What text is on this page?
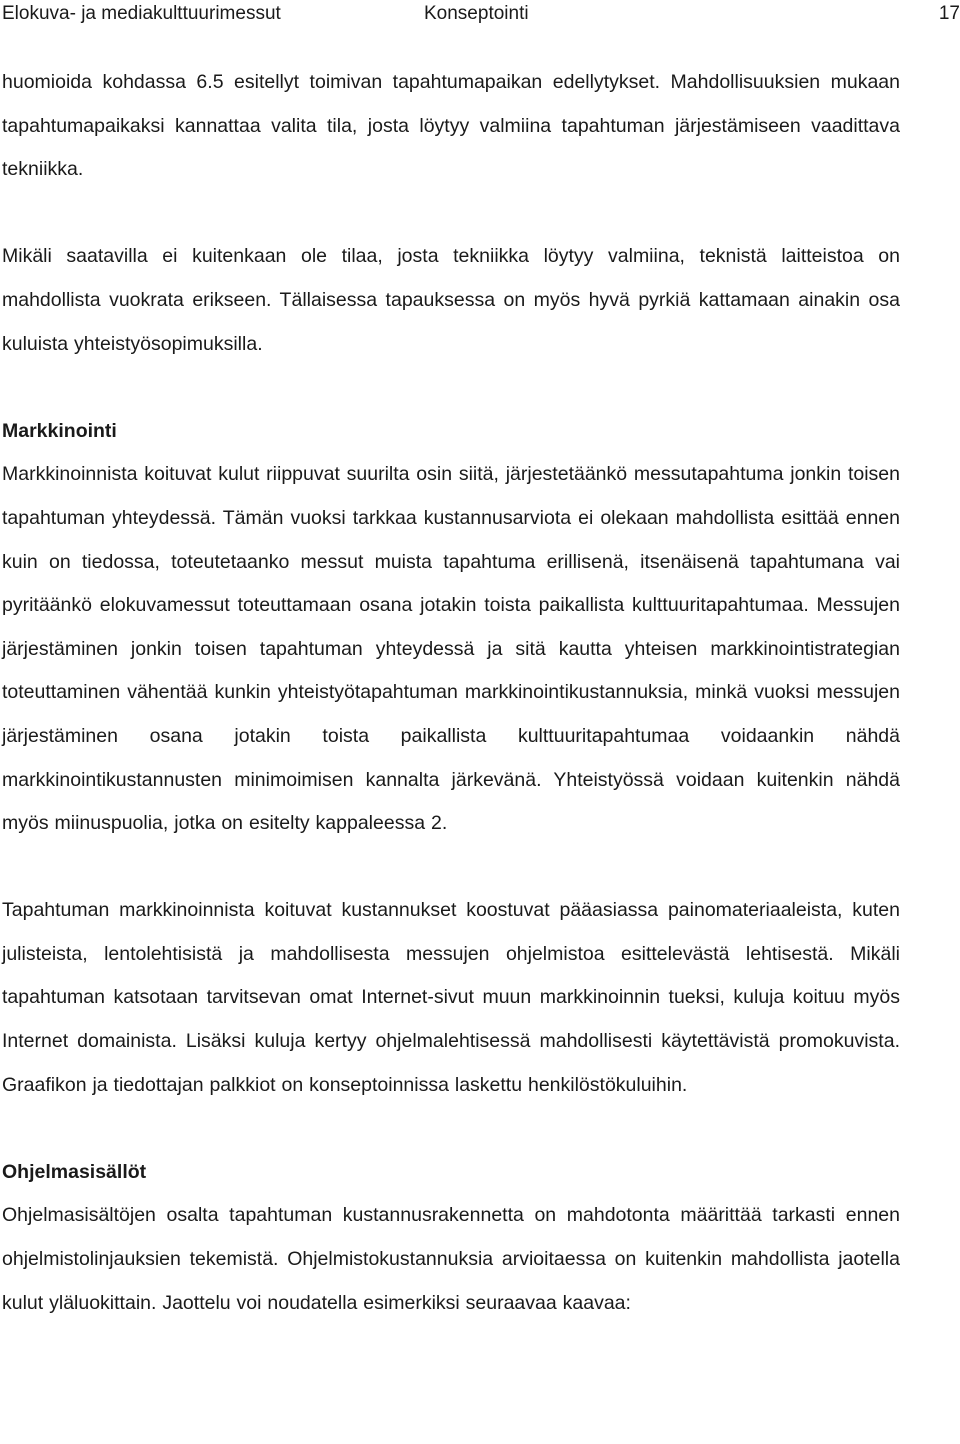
Elokuva- ja mediakulttuurimessut	Konseptointi	17

huomioida kohdassa 6.5 esitellyt toimivan tapahtumapaikan edellytykset. Mahdollisuuksien mukaan tapahtumapaikaksi kannattaa valita tila, josta löytyy valmiina tapahtuman järjestämiseen vaadittava tekniikka.

Mikäli saatavilla ei kuitenkaan ole tilaa, josta tekniikka löytyy valmiina, teknistä laitteistoa on mahdollista vuokrata erikseen. Tällaisessa tapauksessa on myös hyvä pyrkiä kattamaan ainakin osa kuluista yhteistyösopimuksilla.

Markkinointi

Markkinoinnista koituvat kulut riippuvat suurilta osin siitä, järjestetäänkö messutapahtuma jonkin toisen tapahtuman yhteydessä. Tämän vuoksi tarkkaa kustannusarviota ei olekaan mahdollista esittää ennen kuin on tiedossa, toteutetaanko messut muista tapahtuma erillisenä, itsenäisenä tapahtumana vai pyritäänkö elokuvamessut toteuttamaan osana jotakin toista paikallista kulttuuritapahtumaa. Messujen järjestäminen jonkin toisen tapahtuman yhteydessä ja sitä kautta yhteisen markkinointistrategian toteuttaminen vähentää kunkin yhteistyötapahtuman markkinointikustannuksia, minkä vuoksi messujen järjestäminen osana jotakin toista paikallista kulttuuritapahtumaa voidaankin nähdä markkinointikustannusten minimoimisen kannalta järkevänä. Yhteistyössä voidaan kuitenkin nähdä myös miinuspuolia, jotka on esitelty kappaleessa 2.

Tapahtuman markkinoinnista koituvat kustannukset koostuvat pääasiassa painomateriaaleista, kuten julisteista, lentolehtisistä ja mahdollisesta messujen ohjelmistoa esittelevästä lehtisestä. Mikäli tapahtuman katsotaan tarvitsevan omat Internet-sivut muun markkinoinnin tueksi, kuluja koituu myös Internet domainista. Lisäksi kuluja kertyy ohjelmalehtisessä mahdollisesti käytettävistä promokuvista. Graafikon ja tiedottajan palkkiot on konseptoinnissa laskettu henkilöstökuluihin.

Ohjelmasisällöt

Ohjelmasisältöjen osalta tapahtuman kustannusrakennetta on mahdotonta määrittää tarkasti ennen ohjelmistolinjauksien tekemistä. Ohjelmistokustannuksia arvioitaessa on kuitenkin mahdollista jaotella kulut yläluokittain. Jaottelu voi noudatella esimerkiksi seuraavaa kaavaa:
